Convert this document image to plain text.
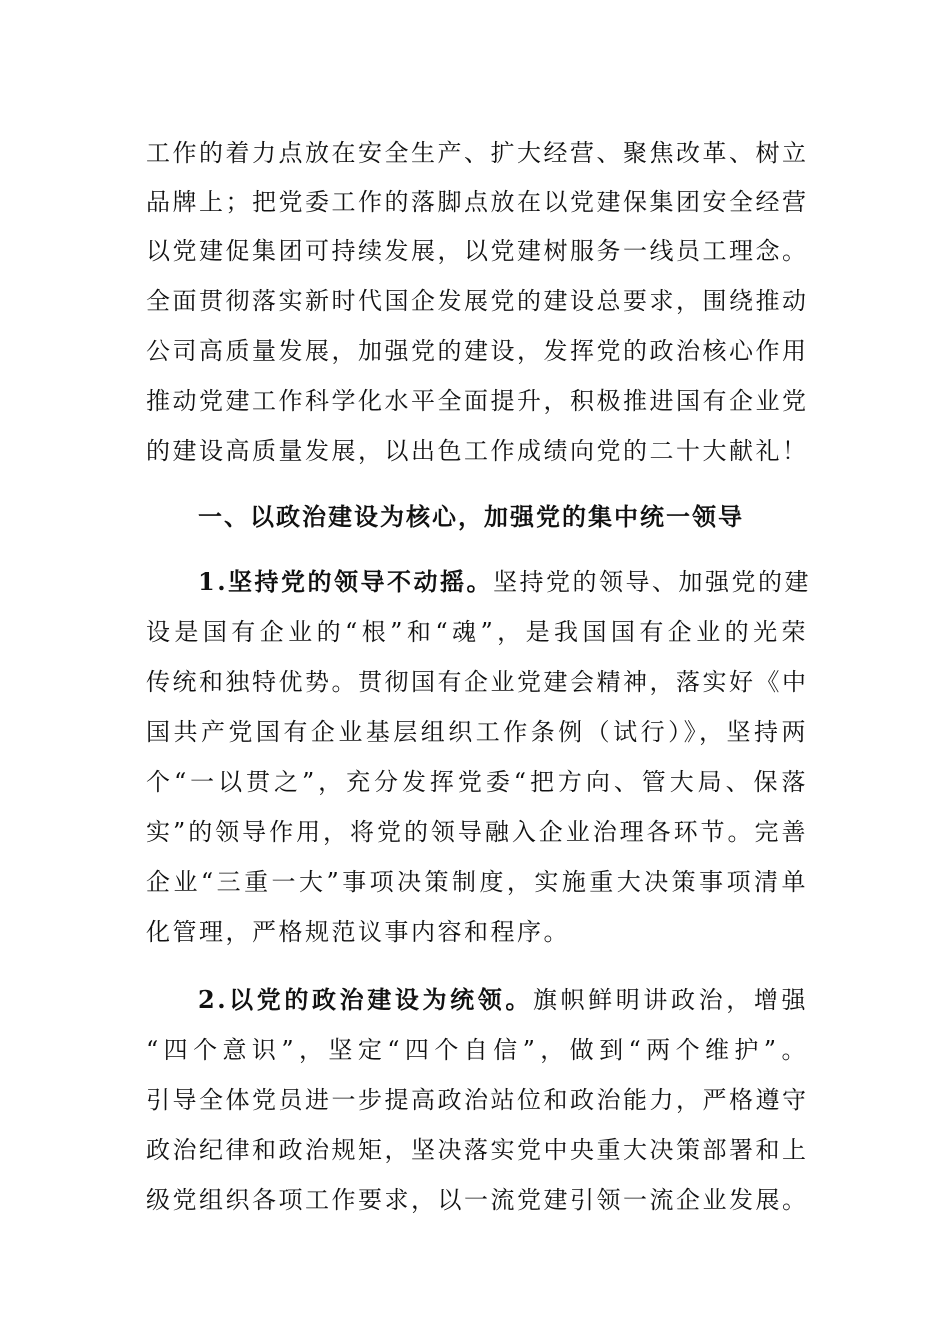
工作的着力点放在安全生产、扩大经营、聚焦改革、树立
品牌上；把党委工作的落脚点放在以党建保集团安全经营
以党建促集团可持续发展，以党建树服务一线员工理念。
全面贯彻落实新时代国企发展党的建设总要求，围绕推动
公司高质量发展，加强党的建设，发挥党的政治核心作用
推动党建工作科学化水平全面提升，积极推进国有企业党
的建设高质量发展，以出色工作成绩向党的二十大献礼！
一、以政治建设为核心，加强党的集中统一领导
1.坚持党的领导不动摇。坚持党的领导、加强党的建
设是国有企业的“根”和“魂”，是我国国有企业的光荣
传统和独特优势。贯彻国有企业党建会精神，落实好《中
国共产党国有企业基层组织工作条例（试行）》，坚持两
个“一以贯之”，充分发挥党委“把方向、管大局、保落
实”的领导作用，将党的领导融入企业治理各环节。完善
企业“三重一大”事项决策制度，实施重大决策事项清单
化管理，严格规范议事内容和程序。
2.以党的政治建设为统领。旗帜鲜明讲政治，增强
“四个意识”，坚定“四个自信”，做到“两个维护”。
引导全体党员进一步提高政治站位和政治能力，严格遵守
政治纪律和政治规矩，坚决落实党中央重大决策部署和上
级党组织各项工作要求，以一流党建引领一流企业发展。
